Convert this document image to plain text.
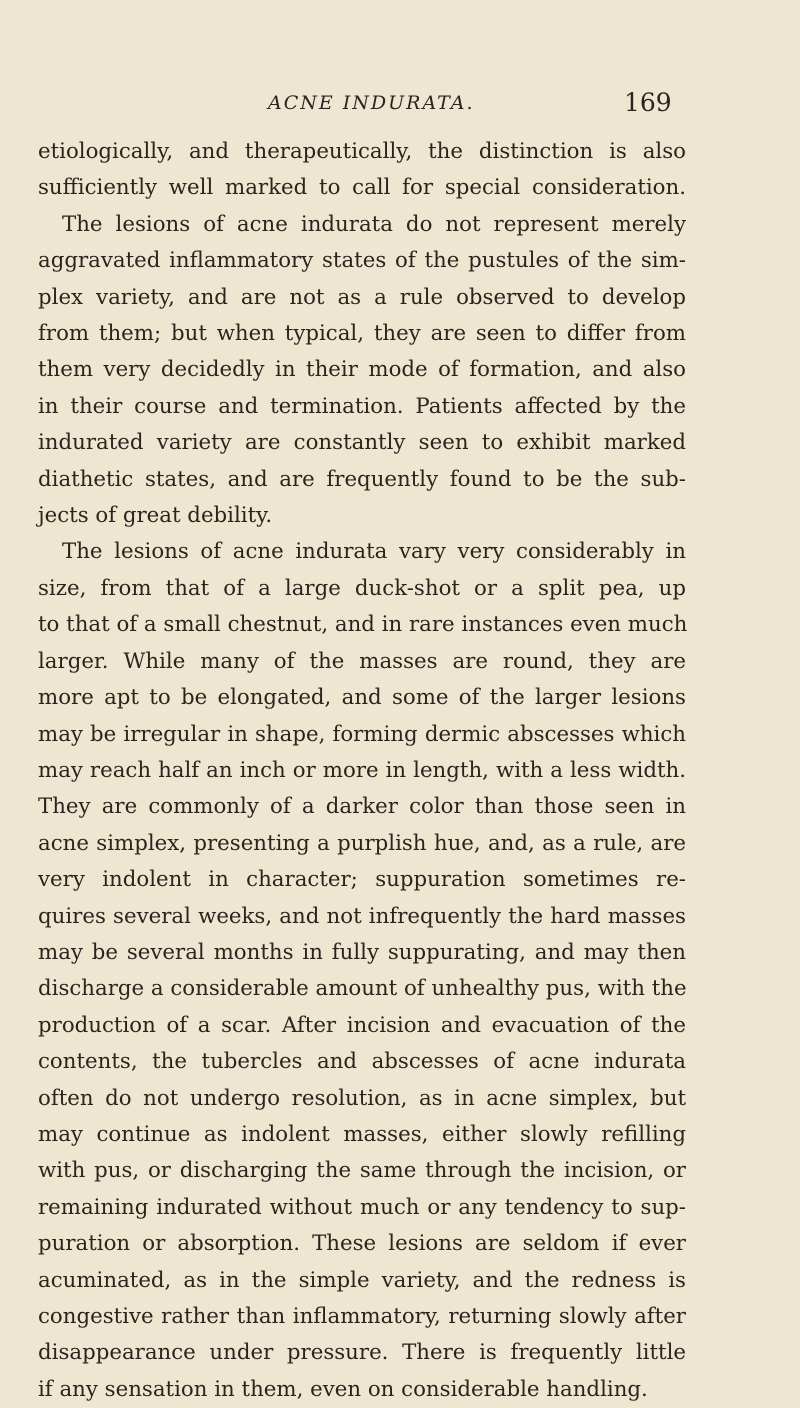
ACNE INDURATA.	169
etiologically, and therapeutically, the distinction is also
sufficiently well marked to call for special consideration.
The lesions of acne indurata do not represent merely
aggravated inflammatory states of the pustules of the sim-
plex variety, and are not as a rule observed to develop
from them; but when typical, they are seen to differ from
them very decidedly in their mode of formation, and also
in their course and termination. Patients affected by the
indurated variety are constantly seen to exhibit marked
diathetic states, and are frequently found to be the sub-
jects of great debility.
The lesions of acne indurata vary very considerably in
size, from that of a large duck-shot or a split pea, up
to that of a small chestnut, and in rare instances even much
larger. While many of the masses are round, they are
more apt to be elongated, and some of the larger lesions
may be irregular in shape, forming dermic abscesses which
may reach half an inch or more in length, with a less width.
They are commonly of a darker color than those seen in
acne simplex, presenting a purplish hue, and, as a rule, are
very indolent in character; suppuration sometimes re-
quires several weeks, and not infrequently the hard masses
may be several months in fully suppurating, and may then
discharge a considerable amount of unhealthy pus, with the
production of a scar. After incision and evacuation of the
contents, the tubercles and abscesses of acne indurata
often do not undergo resolution, as in acne simplex, but
may continue as indolent masses, either slowly refilling
with pus, or discharging the same through the incision, or
remaining indurated without much or any tendency to sup-
puration or absorption. These lesions are seldom if ever
acuminated, as in the simple variety, and the redness is
congestive rather than inflammatory, returning slowly after
disappearance under pressure. There is frequently little
if any sensation in them, even on considerable handling.
